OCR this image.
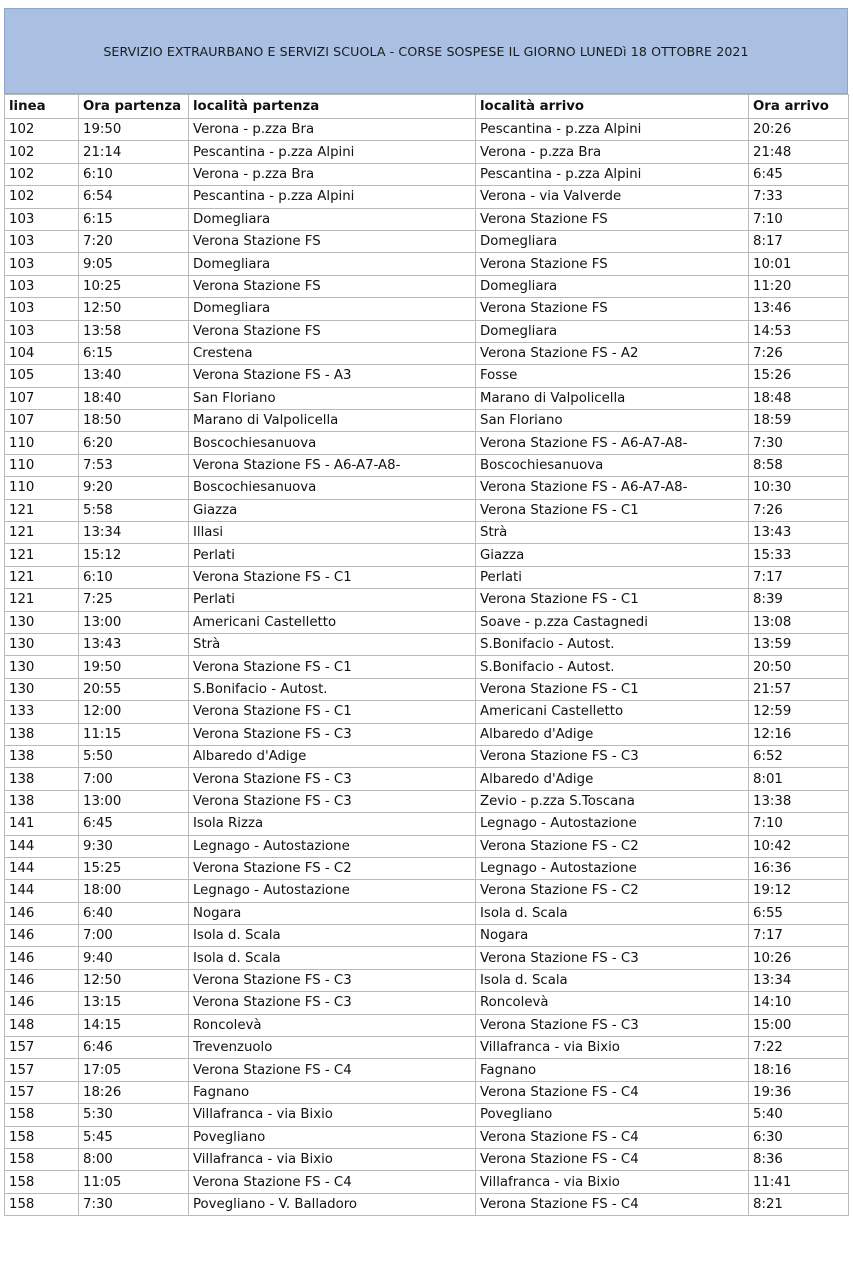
SERVIZIO EXTRAURBANO E SERVIZI SCUOLA - CORSE SOSPESE IL GIORNO LUNEDì 18 OTTOBRE 2021
linea	Ora partenza	località partenza	località arrivo	Ora arrivo
102	19:50	Verona - p.zza Bra	Pescantina - p.zza Alpini	20:26
102	21:14	Pescantina - p.zza Alpini	Verona - p.zza Bra	21:48
102	6:10	Verona - p.zza Bra	Pescantina - p.zza Alpini	6:45
102	6:54	Pescantina - p.zza Alpini	Verona - via Valverde	7:33
103	6:15	Domegliara	Verona Stazione FS	7:10
103	7:20	Verona Stazione FS	Domegliara	8:17
103	9:05	Domegliara	Verona Stazione FS	10:01
103	10:25	Verona Stazione FS	Domegliara	11:20
103	12:50	Domegliara	Verona Stazione FS	13:46
103	13:58	Verona Stazione FS	Domegliara	14:53
104	6:15	Crestena	Verona Stazione FS - A2	7:26
105	13:40	Verona Stazione FS - A3	Fosse	15:26
107	18:40	San Floriano	Marano di Valpolicella	18:48
107	18:50	Marano di Valpolicella	San Floriano	18:59
110	6:20	Boscochiesanuova	Verona Stazione FS - A6-A7-A8-	7:30
110	7:53	Verona Stazione FS - A6-A7-A8-	Boscochiesanuova	8:58
110	9:20	Boscochiesanuova	Verona Stazione FS - A6-A7-A8-	10:30
121	5:58	Giazza	Verona Stazione FS - C1	7:26
121	13:34	Illasi	Strà	13:43
121	15:12	Perlati	Giazza	15:33
121	6:10	Verona Stazione FS - C1	Perlati	7:17
121	7:25	Perlati	Verona Stazione FS - C1	8:39
130	13:00	Americani Castelletto	Soave - p.zza Castagnedi	13:08
130	13:43	Strà	S.Bonifacio - Autost.	13:59
130	19:50	Verona Stazione FS - C1	S.Bonifacio - Autost.	20:50
130	20:55	S.Bonifacio - Autost.	Verona Stazione FS - C1	21:57
133	12:00	Verona Stazione FS - C1	Americani Castelletto	12:59
138	11:15	Verona Stazione FS - C3	Albaredo d'Adige	12:16
138	5:50	Albaredo d'Adige	Verona Stazione FS - C3	6:52
138	7:00	Verona Stazione FS - C3	Albaredo d'Adige	8:01
138	13:00	Verona Stazione FS - C3	Zevio - p.zza S.Toscana	13:38
141	6:45	Isola Rizza	Legnago - Autostazione	7:10
144	9:30	Legnago - Autostazione	Verona Stazione FS - C2	10:42
144	15:25	Verona Stazione FS - C2	Legnago - Autostazione	16:36
144	18:00	Legnago - Autostazione	Verona Stazione FS - C2	19:12
146	6:40	Nogara	Isola d. Scala	6:55
146	7:00	Isola d. Scala	Nogara	7:17
146	9:40	Isola d. Scala	Verona Stazione FS - C3	10:26
146	12:50	Verona Stazione FS - C3	Isola d. Scala	13:34
146	13:15	Verona Stazione FS - C3	Roncolevà	14:10
148	14:15	Roncolevà	Verona Stazione FS - C3	15:00
157	6:46	Trevenzuolo	Villafranca - via Bixio	7:22
157	17:05	Verona Stazione FS - C4	Fagnano	18:16
157	18:26	Fagnano	Verona Stazione FS - C4	19:36
158	5:30	Villafranca - via Bixio	Povegliano	5:40
158	5:45	Povegliano	Verona Stazione FS - C4	6:30
158	8:00	Villafranca - via Bixio	Verona Stazione FS - C4	8:36
158	11:05	Verona Stazione FS - C4	Villafranca - via Bixio	11:41
158	7:30	Povegliano - V. Balladoro	Verona Stazione FS - C4	8:21
